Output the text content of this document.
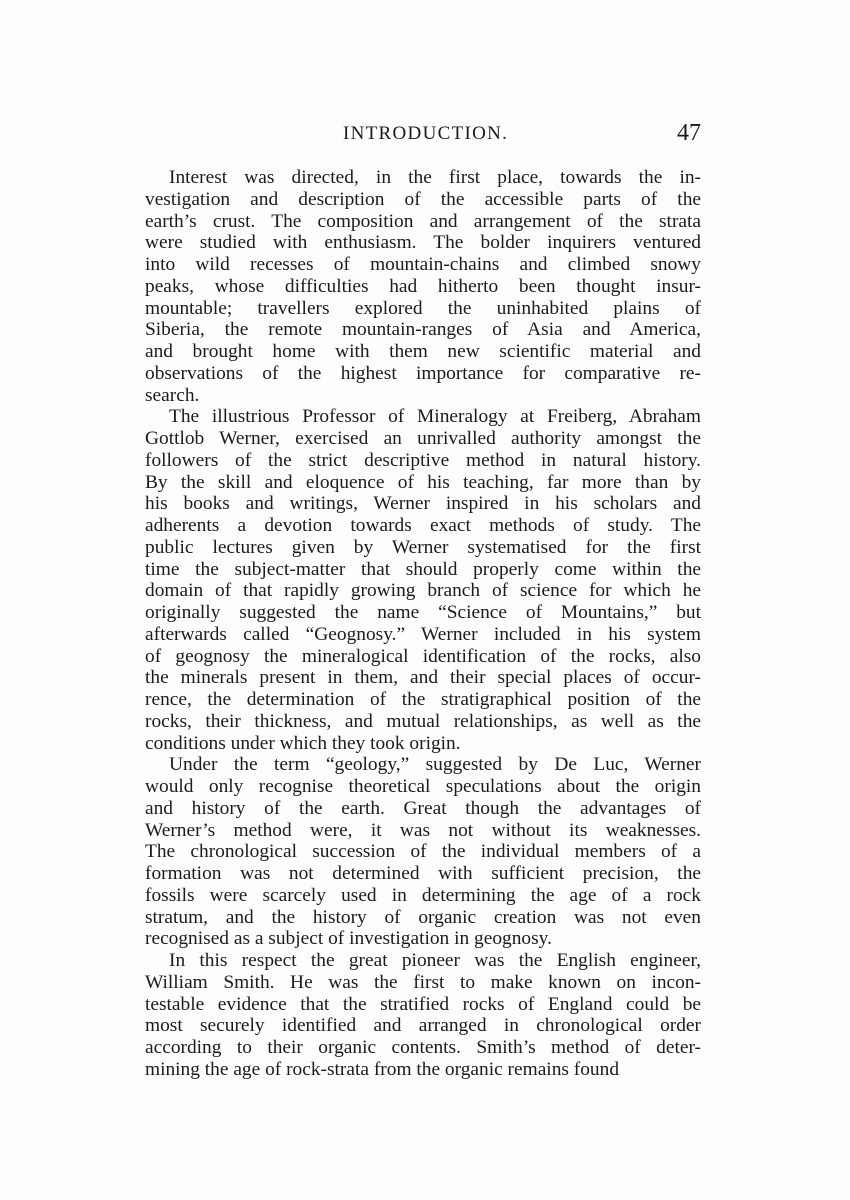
INTRODUCTION.	47
Interest was directed, in the first place, towards the in-
vestigation and description of the accessible parts of the
earth’s crust. The composition and arrangement of the strata
were studied with enthusiasm. The bolder inquirers ventured
into wild recesses of mountain-chains and climbed snowy
peaks, whose difficulties had hitherto been thought insur-
mountable; travellers explored the uninhabited plains of
Siberia, the remote mountain-ranges of Asia and America,
and brought home with them new scientific material and
observations of the highest importance for comparative re-
search.
The illustrious Professor of Mineralogy at Freiberg, Abraham
Gottlob Werner, exercised an unrivalled authority amongst the
followers of the strict descriptive method in natural history.
By the skill and eloquence of his teaching, far more than by
his books and writings, Werner inspired in his scholars and
adherents a devotion towards exact methods of study. The
public lectures given by Werner systematised for the first
time the subject-matter that should properly come within the
domain of that rapidly growing branch of science for which he
originally suggested the name “Science of Mountains,” but
afterwards called “Geognosy.” Werner included in his system
of geognosy the mineralogical identification of the rocks, also
the minerals present in them, and their special places of occur-
rence, the determination of the stratigraphical position of the
rocks, their thickness, and mutual relationships, as well as the
conditions under which they took origin.
Under the term “geology,” suggested by De Luc, Werner
would only recognise theoretical speculations about the origin
and history of the earth. Great though the advantages of
Werner’s method were, it was not without its weaknesses.
The chronological succession of the individual members of a
formation was not determined with sufficient precision, the
fossils were scarcely used in determining the age of a rock
stratum, and the history of organic creation was not even
recognised as a subject of investigation in geognosy.
In this respect the great pioneer was the English engineer,
William Smith. He was the first to make known on incon-
testable evidence that the stratified rocks of England could be
most securely identified and arranged in chronological order
according to their organic contents. Smith’s method of deter-
mining the age of rock-strata from the organic remains found
